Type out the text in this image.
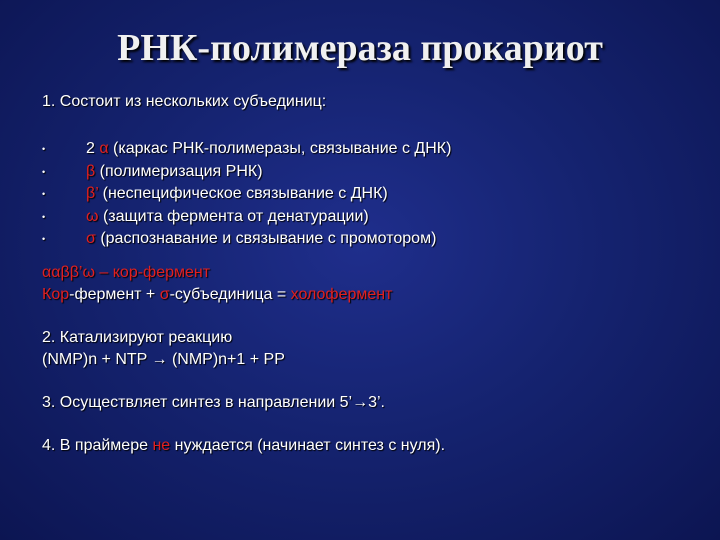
РНК-полимераза прокариот
1. Состоит из нескольких субъединиц:
•	2 α (каркас РНК-полимеразы, связывание с ДНК)
•	β (полимеризация РНК)
•	β’ (неспецифическое связывание с ДНК)
•	ω (защита фермента от денатурации)
•	σ (распознавание и связывание с промотором)
ααββ’ω – кор-фермент
Кор-фермент + σ-субъединица = холофермент
2. Катализируют реакцию
(NMP)n + NTP → (NMP)n+1 + PP
3. Осуществляет синтез в направлении 5’→3’.
4. В праймере не нуждается (начинает синтез с нуля).
